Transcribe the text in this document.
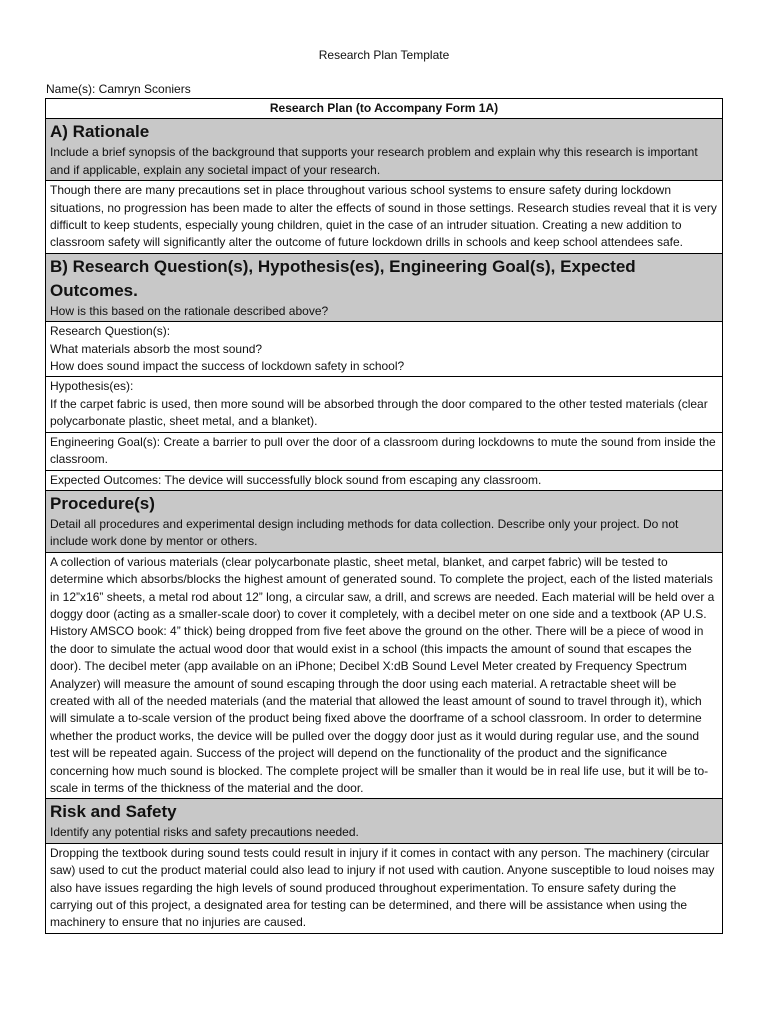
Research Plan Template
Name(s): Camryn Sconiers
Research Plan (to Accompany Form 1A)

A) Rationale
Include a brief synopsis of the background that supports your research problem and explain why this research is important and if applicable, explain any societal impact of your research.

Though there are many precautions set in place throughout various school systems to ensure safety during lockdown situations, no progression has been made to alter the effects of sound in those settings. Research studies reveal that it is very difficult to keep students, especially young children, quiet in the case of an intruder situation. Creating a new addition to classroom safety will significantly alter the outcome of future lockdown drills in schools and keep school attendees safe.

B) Research Question(s), Hypothesis(es), Engineering Goal(s), Expected Outcomes.
How is this based on the rationale described above?

Research Question(s):
What materials absorb the most sound?
How does sound impact the success of lockdown safety in school?

Hypothesis(es):
If the carpet fabric is used, then more sound will be absorbed through the door compared to the other tested materials (clear polycarbonate plastic, sheet metal, and a blanket).

Engineering Goal(s): Create a barrier to pull over the door of a classroom during lockdowns to mute the sound from inside the classroom.
Expected Outcomes: The device will successfully block sound from escaping any classroom.

Procedure(s)
Detail all procedures and experimental design including methods for data collection. Describe only your project. Do not include work done by mentor or others.

A collection of various materials (clear polycarbonate plastic, sheet metal, blanket, and carpet fabric) will be tested to determine which absorbs/blocks the highest amount of generated sound. To complete the project, each of the listed materials in 12”x16” sheets, a metal rod about 12” long, a circular saw, a drill, and screws are needed. Each material will be held over a doggy door (acting as a smaller-scale door) to cover it completely, with a decibel meter on one side and a textbook (AP U.S. History AMSCO book: 4” thick) being dropped from five feet above the ground on the other. There will be a piece of wood in the door to simulate the actual wood door that would exist in a school (this impacts the amount of sound that escapes the door). The decibel meter (app available on an iPhone; Decibel X:dB Sound Level Meter created by Frequency Spectrum Analyzer) will measure the amount of sound escaping through the door using each material. A retractable sheet will be created with all of the needed materials (and the material that allowed the least amount of sound to travel through it), which will simulate a to-scale version of the product being fixed above the doorframe of a school classroom. In order to determine whether the product works, the device will be pulled over the doggy door just as it would during regular use, and the sound test will be repeated again. Success of the project will depend on the functionality of the product and the significance concerning how much sound is blocked. The complete project will be smaller than it would be in real life use, but it will be to-scale in terms of the thickness of the material and the door.

Risk and Safety
Identify any potential risks and safety precautions needed.

Dropping the textbook during sound tests could result in injury if it comes in contact with any person. The machinery (circular saw) used to cut the product material could also lead to injury if not used with caution. Anyone susceptible to loud noises may also have issues regarding the high levels of sound produced throughout experimentation. To ensure safety during the carrying out of this project, a designated area for testing can be determined, and there will be assistance when using the machinery to ensure that no injuries are caused.
